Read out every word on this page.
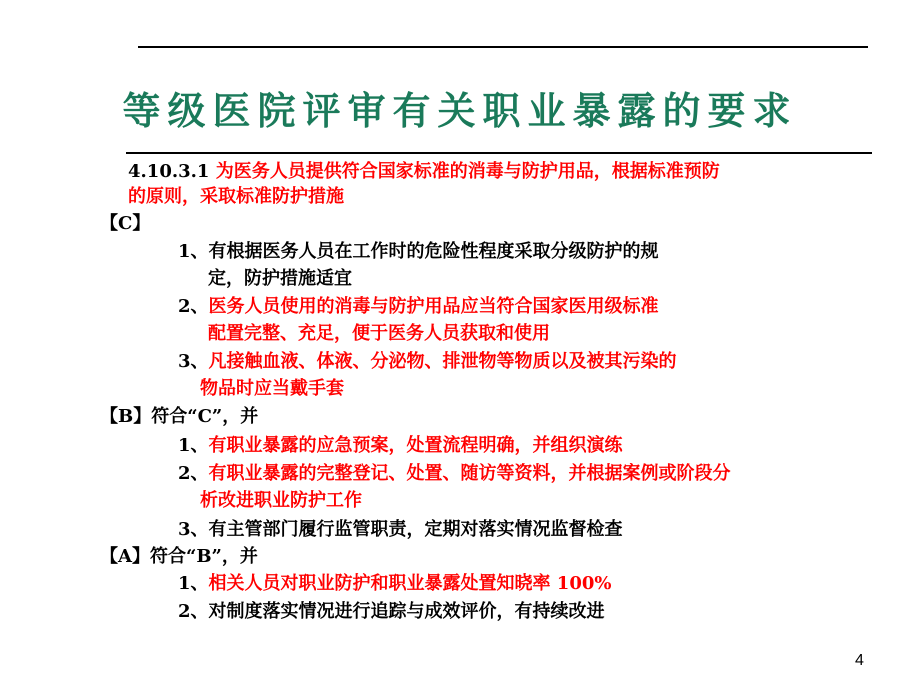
等级医院评审有关职业暴露的要求
4.10.3.1 为医务人员提供符合国家标准的消毒与防护用品，根据标准预防
的原则，采取标准防护措施
【C】
1、有根据医务人员在工作时的危险性程度采取分级防护的规
定，防护措施适宜
2、医务人员使用的消毒与防护用品应当符合国家医用级标准
配置完整、充足，便于医务人员获取和使用
3、凡接触血液、体液、分泌物、排泄物等物质以及被其污染的
物品时应当戴手套
【B】符合“C”，并
1、有职业暴露的应急预案，处置流程明确，并组织演练
2、有职业暴露的完整登记、处置、随访等资料，并根据案例或阶段分
析改进职业防护工作
3、有主管部门履行监管职责，定期对落实情况监督检查
【A】符合“B”，并
1、相关人员对职业防护和职业暴露处置知晓率 100%
2、对制度落实情况进行追踪与成效评价，有持续改进
4
